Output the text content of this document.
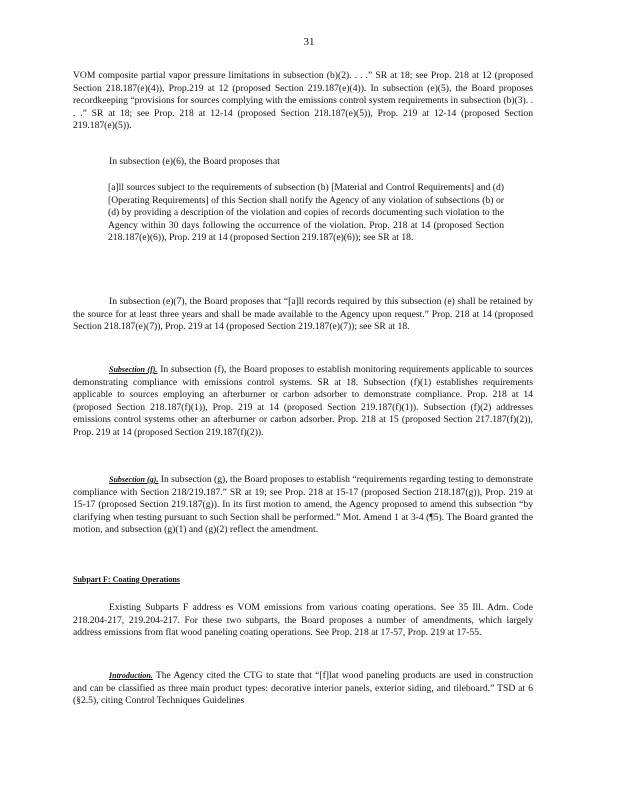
31

VOM composite partial vapor pressure limitations in subsection (b)(2). . . .” SR at 18; see Prop. 218 at 12 (proposed Section 218.187(e)(4)), Prop.219 at 12 (proposed Section 219.187(e)(4)). In subsection (e)(5), the Board proposes recordkeeping “provisions for sources complying with the emissions control system requirements in subsection (b)(3). . . .” SR at 18; see Prop. 218 at 12-14 (proposed Section 218.187(e)(5)), Prop. 219 at 12-14 (proposed Section 219.187(e)(5)).

In subsection (e)(6), the Board proposes that

[a]ll sources subject to the requirements of subsection (b) [Material and Control Requirements] and (d) [Operating Requirements] of this Section shall notify the Agency of any violation of subsections (b) or (d) by providing a description of the violation and copies of records documenting such violation to the Agency within 30 days following the occurrence of the violation. Prop. 218 at 14 (proposed Section 218.187(e)(6)), Prop. 219 at 14 (proposed Section 219.187(e)(6)); see SR at 18.

In subsection (e)(7), the Board proposes that “[a]ll records required by this subsection (e) shall be retained by the source for at least three years and shall be made available to the Agency upon request.” Prop. 218 at 14 (proposed Section 218.187(e)(7)), Prop. 219 at 14 (proposed Section 219.187(e)(7)); see SR at 18.

Subsection (f). In subsection (f), the Board proposes to establish monitoring requirements applicable to sources demonstrating compliance with emissions control systems. SR at 18. Subsection (f)(1) establishes requirements applicable to sources employing an afterburner or carbon adsorber to demonstrate compliance. Prop. 218 at 14 (proposed Section 218.187(f)(1)), Prop. 219 at 14 (proposed Section 219.187(f)(1)). Subsection (f)(2) addresses emissions control systems other an afterburner or carbon adsorber. Prop. 218 at 15 (proposed Section 217.187(f)(2)), Prop. 219 at 14 (proposed Section 219.187(f)(2)).

Subsection (g). In subsection (g), the Board proposes to establish “requirements regarding testing to demonstrate compliance with Section 218/219.187.” SR at 19; see Prop. 218 at 15-17 (proposed Section 218.187(g)), Prop. 219 at 15-17 (proposed Section 219.187(g)). In its first motion to amend, the Agency proposed to amend this subsection “by clarifying when testing pursuant to such Section shall be performed.” Mot. Amend 1 at 3-4 (¶5). The Board granted the motion, and subsection (g)(1) and (g)(2) reflect the amendment.

Subpart F: Coating Operations

Existing Subparts F address es VOM emissions from various coating operations. See 35 Ill. Adm. Code 218.204-217, 219.204-217. For these two subparts, the Board proposes a number of amendments, which largely address emissions from flat wood paneling coating operations. See Prop. 218 at 17-57, Prop. 219 at 17-55.

Introduction. The Agency cited the CTG to state that “[f]lat wood paneling products are used in construction and can be classified as three main product types: decorative interior panels, exterior siding, and tileboard.” TSD at 6 (§2.5), citing Control Techniques Guidelines
